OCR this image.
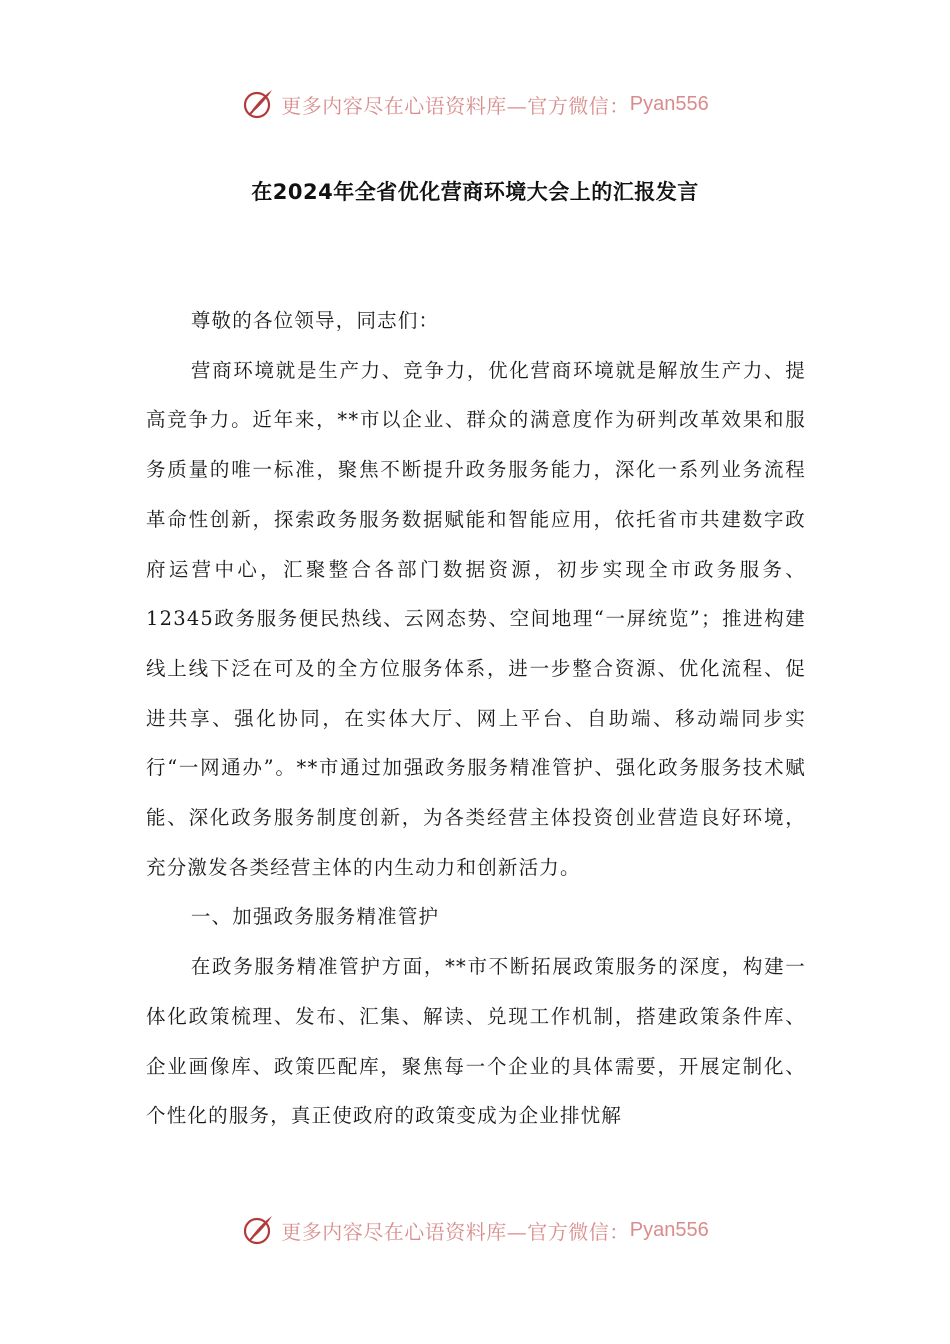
更多内容尽在心语资料库—官方微信： Pyan556
在2024年全省优化营商环境大会上的汇报发言

尊敬的各位领导，同志们：

营商环境就是生产力、竞争力，优化营商环境就是解放生产力、提高竞争力。近年来，**市以企业、群众的满意度作为研判改革效果和服务质量的唯一标准，聚焦不断提升政务服务能力，深化一系列业务流程革命性创新，探索政务服务数据赋能和智能应用，依托省市共建数字政府运营中心，汇聚整合各部门数据资源，初步实现全市政务服务、12345政务服务便民热线、云网态势、空间地理“一屏统览”；推进构建线上线下泛在可及的全方位服务体系，进一步整合资源、优化流程、促进共享、强化协同，在实体大厅、网上平台、自助端、移动端同步实行“一网通办”。**市通过加强政务服务精准管护、强化政务服务技术赋能、深化政务服务制度创新，为各类经营主体投资创业营造良好环境，充分激发各类经营主体的内生动力和创新活力。

一、加强政务服务精准管护

在政务服务精准管护方面，**市不断拓展政策服务的深度，构建一体化政策梳理、发布、汇集、解读、兑现工作机制，搭建政策条件库、企业画像库、政策匹配库，聚焦每一个企业的具体需要，开展定制化、个性化的服务，真正使政府的政策变成为企业排忧解

更多内容尽在心语资料库—官方微信： Pyan556
